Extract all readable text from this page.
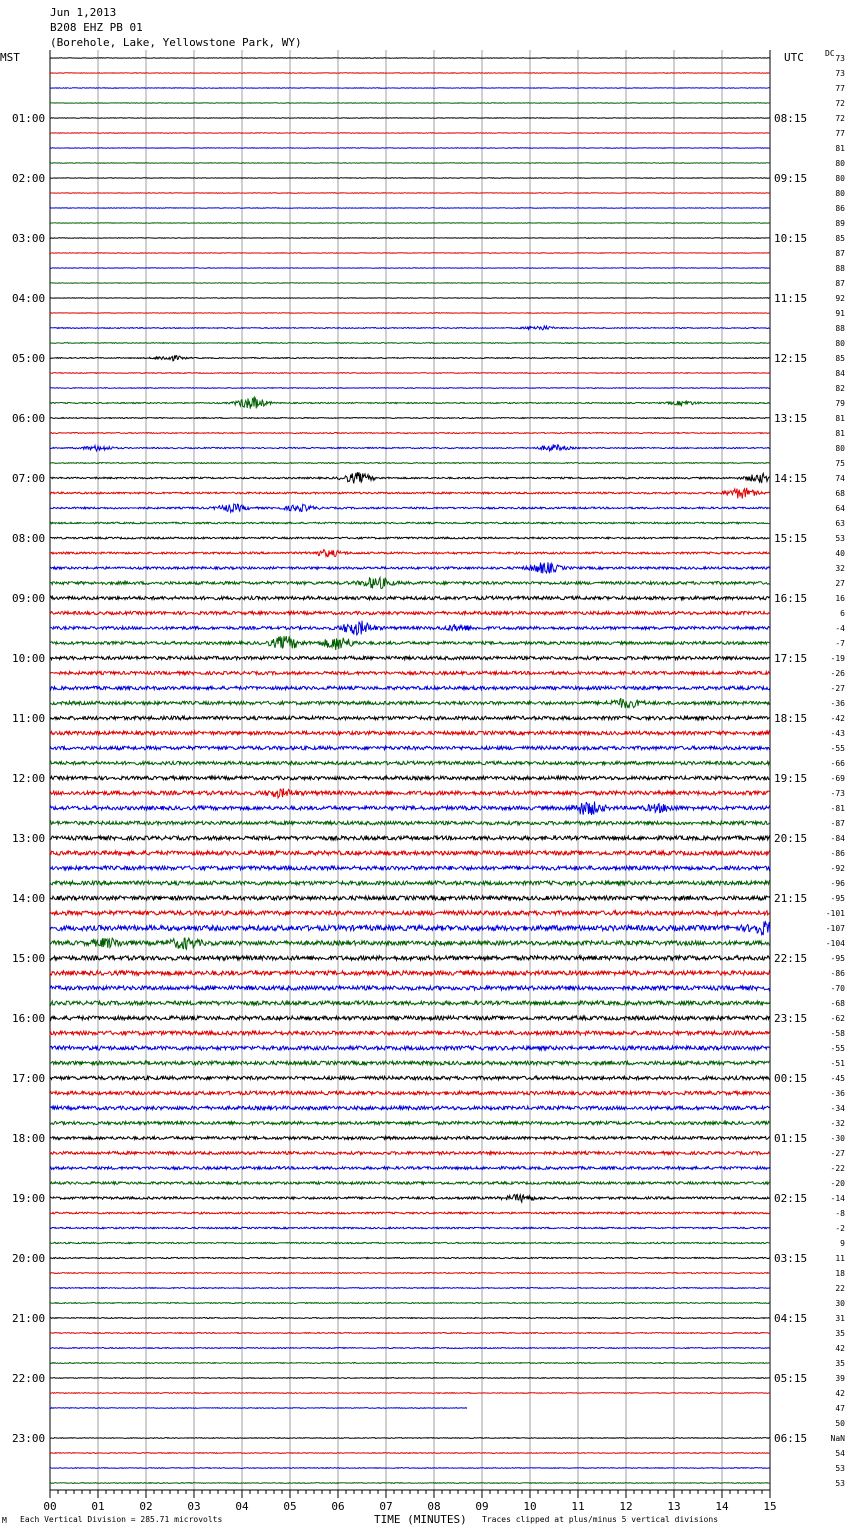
Jun 1,2013
B208 EHZ PB 01
(Borehole, Lake, Yellowstone Park, WY)
MST	UTC	DC
01:00
02:00
03:00
04:00
05:00
06:00
07:00
08:00
09:00
10:00
11:00
12:00
13:00
14:00
15:00
16:00
17:00
18:00
19:00
20:00
21:00
22:00
23:00
08:15
09:15
10:15
11:15
12:15
13:15
14:15
15:15
16:15
17:15
18:15
19:15
20:15
21:15
22:15
23:15
00:15
01:15
02:15
03:15
04:15
05:15
06:15
73
73
77
72
72
77
81
80
80
80
86
89
85
87
88
87
92
91
88
80
85
84
82
79
81
81
80
75
74
68
64
63
53
40
32
27
16
6
-4
-7
-19
-26
-27
-36
-42
-43
-55
-66
-69
-73
-81
-87
-84
-86
-92
-96
-95
-101
-107
-104
-95
-86
-70
-68
-62
-58
-55
-51
-45
-36
-34
-32
-30
-27
-22
-20
-14
-8
-2
9
11
18
22
30
31
35
42
35
39
42
47
50
NaN
54
53
53
00	01	02	03	04	05	06	07	08	09	10	11	12	13	14	15
M Each Vertical Division = 285.71 microvolts	TIME (MINUTES) Traces clipped at plus/minus 5 vertical divisions
